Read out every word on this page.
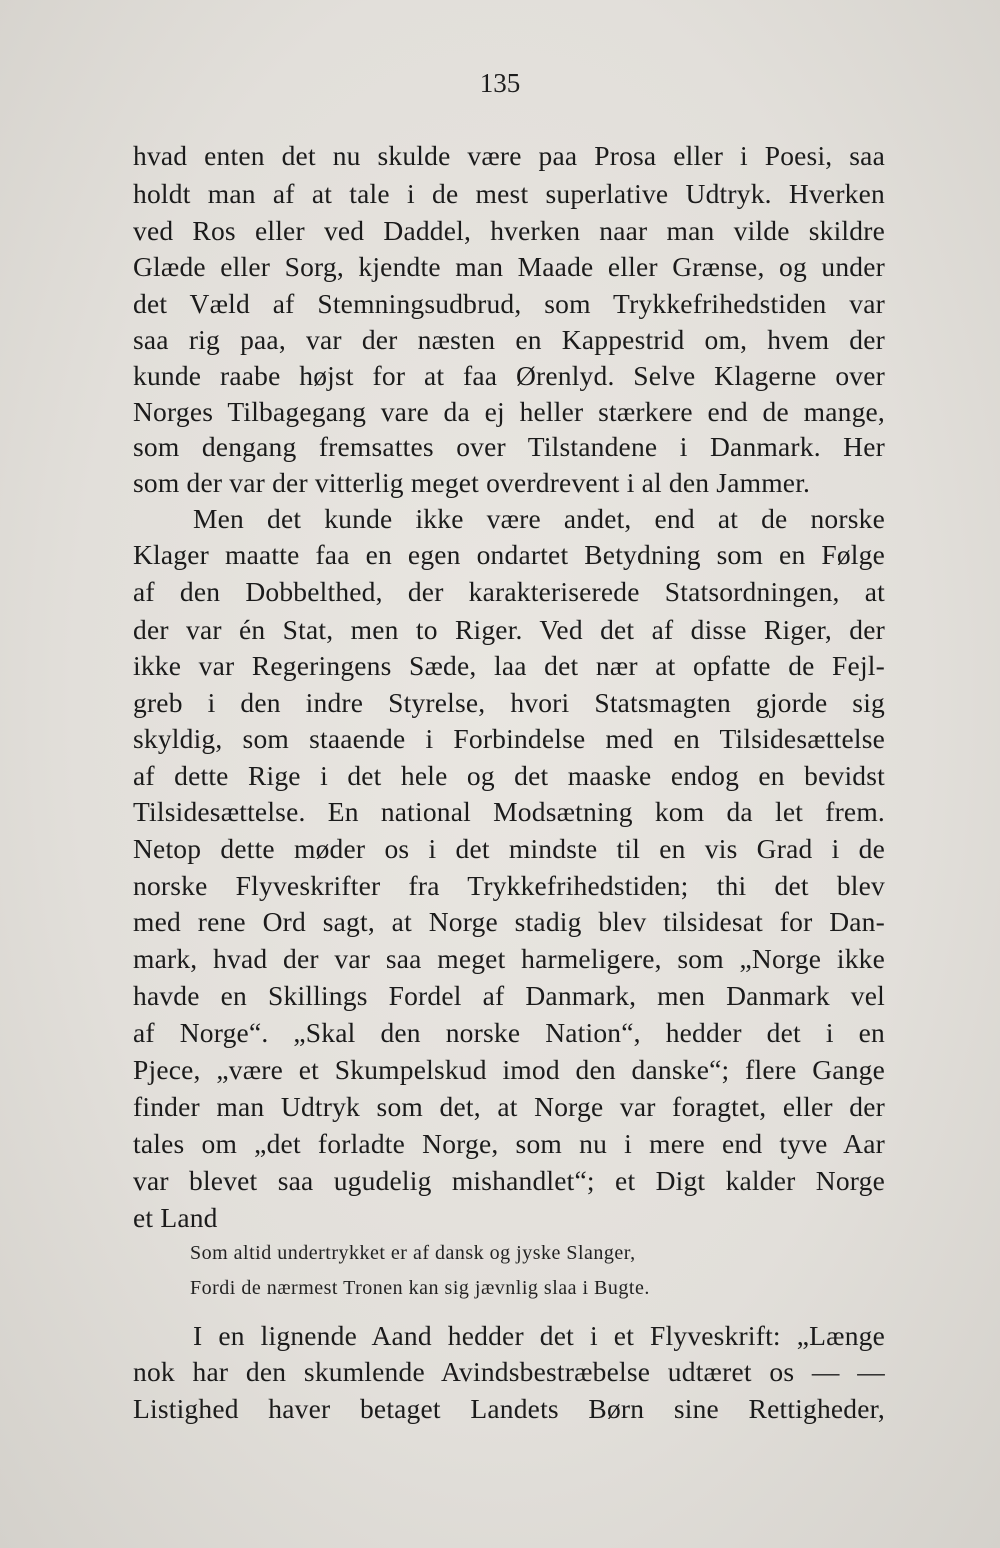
135
hvad enten det nu skulde være paa Prosa eller i Poesi, saa
holdt man af at tale i de mest superlative Udtryk. Hverken
ved Ros eller ved Daddel, hverken naar man vilde skildre
Glæde eller Sorg, kjendte man Maade eller Grænse, og under
det Væld af Stemningsudbrud, som Trykkefrihedstiden var
saa rig paa, var der næsten en Kappestrid om, hvem der
kunde raabe højst for at faa Ørenlyd. Selve Klagerne over
Norges Tilbagegang vare da ej heller stærkere end de mange,
som dengang fremsattes over Tilstandene i Danmark. Her
som der var der vitterlig meget overdrevent i al den Jammer.
Men det kunde ikke være andet, end at de norske
Klager maatte faa en egen ondartet Betydning som en Følge
af den Dobbelthed, der karakteriserede Statsordningen, at
der var én Stat, men to Riger. Ved det af disse Riger, der
ikke var Regeringens Sæde, laa det nær at opfatte de Fejl-
greb i den indre Styrelse, hvori Statsmagten gjorde sig
skyldig, som staaende i Forbindelse med en Tilsidesættelse
af dette Rige i det hele og det maaske endog en bevidst
Tilsidesættelse. En national Modsætning kom da let frem.
Netop dette møder os i det mindste til en vis Grad i de
norske Flyveskrifter fra Trykkefrihedstiden; thi det blev
med rene Ord sagt, at Norge stadig blev tilsidesat for Dan-
mark, hvad der var saa meget harmeligere, som „Norge ikke
havde en Skillings Fordel af Danmark, men Danmark vel
af Norge“. „Skal den norske Nation“, hedder det i en
Pjece, „være et Skumpelskud imod den danske“; flere Gange
finder man Udtryk som det, at Norge var foragtet, eller der
tales om „det forladte Norge, som nu i mere end tyve Aar
var blevet saa ugudelig mishandlet“; et Digt kalder Norge
et Land
Som altid undertrykket er af dansk og jyske Slanger,
Fordi de nærmest Tronen kan sig jævnlig slaa i Bugte.
I en lignende Aand hedder det i et Flyveskrift: „Længe
nok har den skumlende Avindsbestræbelse udtæret os — —
Listighed haver betaget Landets Børn sine Rettigheder,
